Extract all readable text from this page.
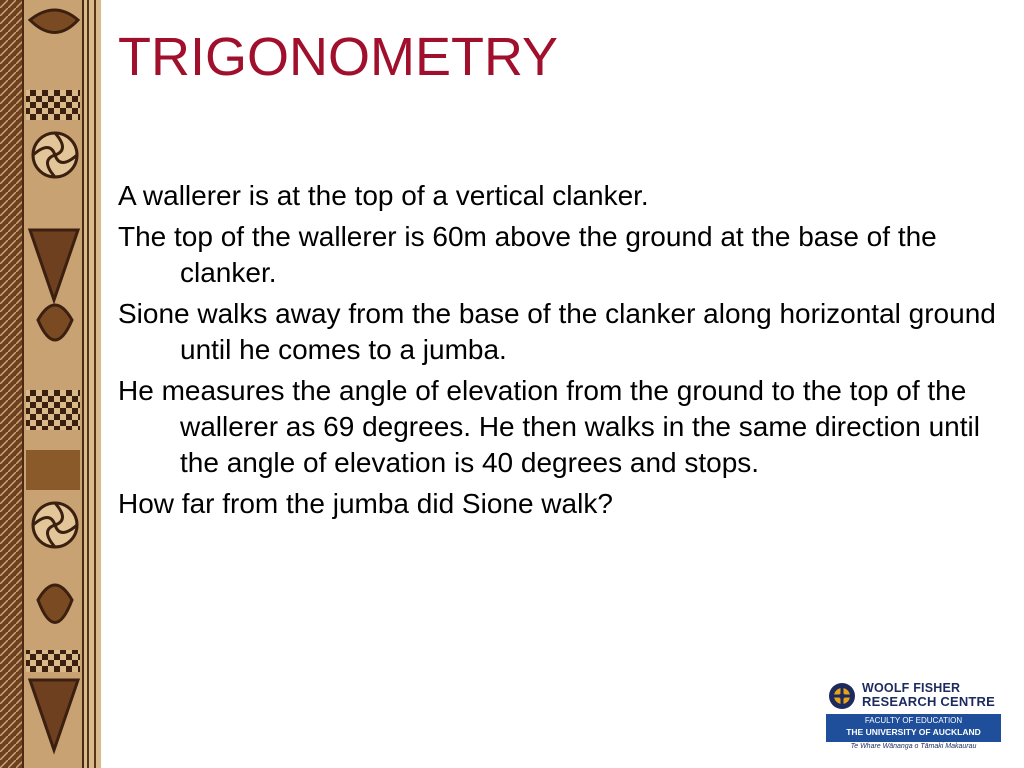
TRIGONOMETRY

A wallerer is at the top of a vertical clanker.

The top of the wallerer is 60m above the ground at the base of the clanker.

Sione walks away from the base of the clanker along horizontal ground until he comes to a jumba.

He measures the angle of elevation from the ground to the top of the wallerer as 69 degrees. He then walks in the same direction until the angle of elevation is 40 degrees and stops.

How far from the jumba did Sione walk?

WOOLF FISHER
RESEARCH CENTRE
FACULTY OF EDUCATION
THE UNIVERSITY OF AUCKLAND
Te Whare Wānanga o Tāmaki Makaurau
